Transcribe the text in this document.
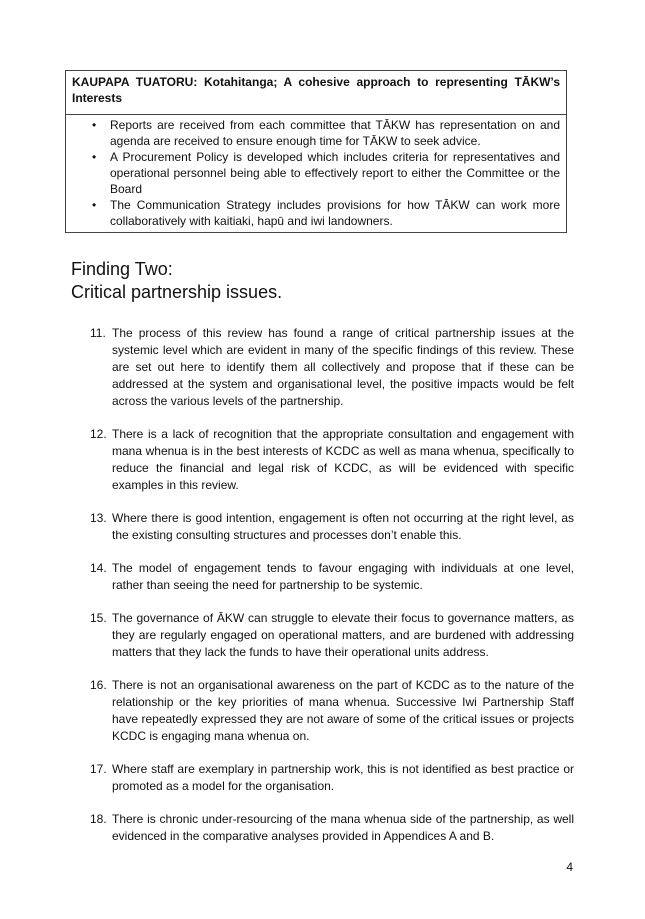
KAUPAPA TUATORU: Kotahitanga; A cohesive approach to representing TĀKW’s Interests
• Reports are received from each committee that TĀKW has representation on and agenda are received to ensure enough time for TĀKW to seek advice.
• A Procurement Policy is developed which includes criteria for representatives and operational personnel being able to effectively report to either the Committee or the Board
• The Communication Strategy includes provisions for how TĀKW can work more collaboratively with kaitiaki, hapū and iwi landowners.
Finding Two:
Critical partnership issues.
11. The process of this review has found a range of critical partnership issues at the systemic level which are evident in many of the specific findings of this review. These are set out here to identify them all collectively and propose that if these can be addressed at the system and organisational level, the positive impacts would be felt across the various levels of the partnership.
12. There is a lack of recognition that the appropriate consultation and engagement with mana whenua is in the best interests of KCDC as well as mana whenua, specifically to reduce the financial and legal risk of KCDC, as will be evidenced with specific examples in this review.
13. Where there is good intention, engagement is often not occurring at the right level, as the existing consulting structures and processes don’t enable this.
14. The model of engagement tends to favour engaging with individuals at one level, rather than seeing the need for partnership to be systemic.
15. The governance of ĀKW can struggle to elevate their focus to governance matters, as they are regularly engaged on operational matters, and are burdened with addressing matters that they lack the funds to have their operational units address.
16. There is not an organisational awareness on the part of KCDC as to the nature of the relationship or the key priorities of mana whenua. Successive Iwi Partnership Staff have repeatedly expressed they are not aware of some of the critical issues or projects KCDC is engaging mana whenua on.
17. Where staff are exemplary in partnership work, this is not identified as best practice or promoted as a model for the organisation.
18. There is chronic under-resourcing of the mana whenua side of the partnership, as well evidenced in the comparative analyses provided in Appendices A and B.
4
